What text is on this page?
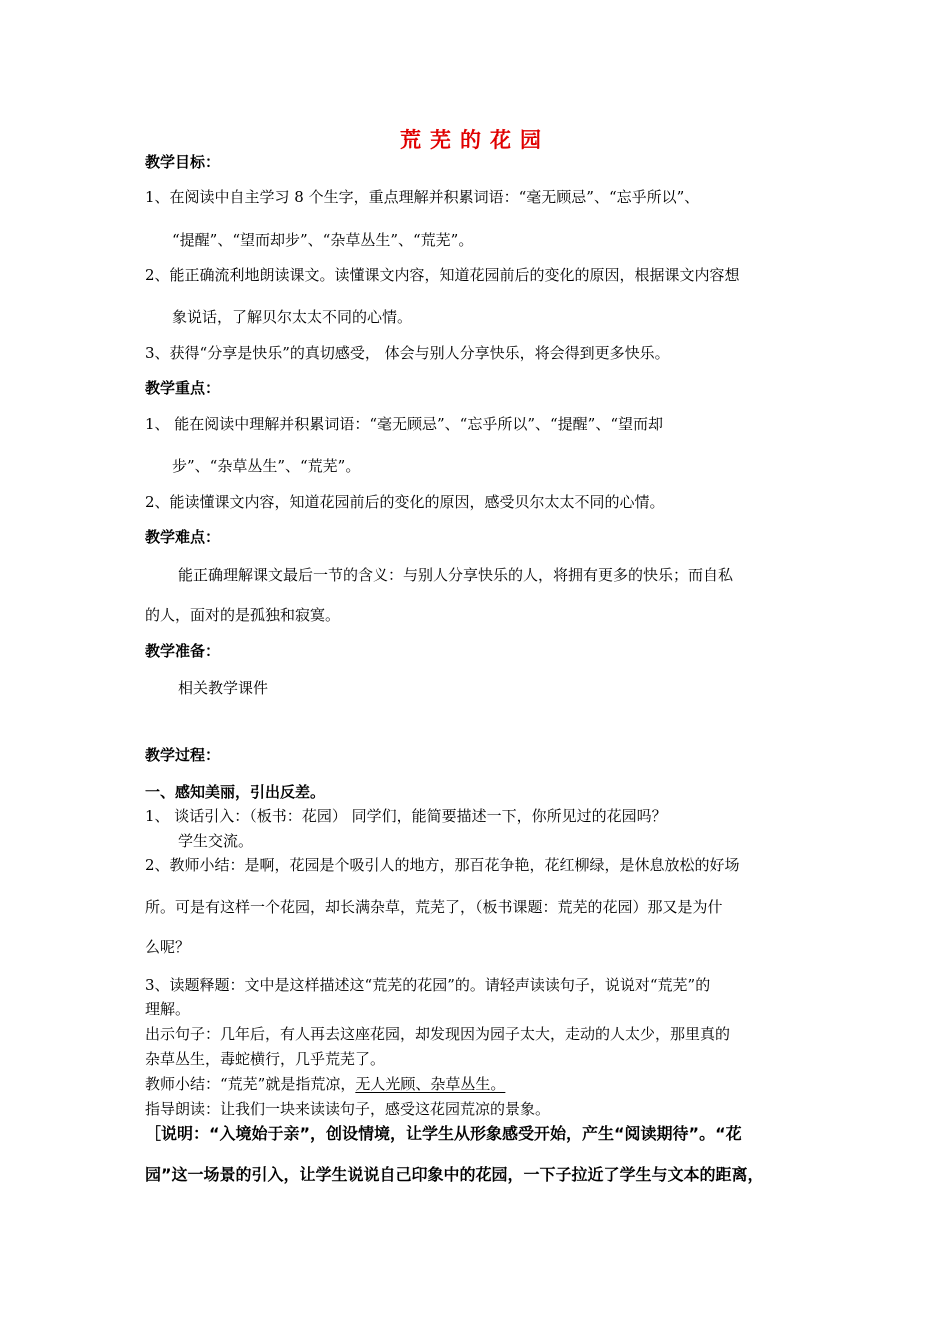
荒芜的花园
教学目标：
1、在阅读中自主学习 8 个生字，重点理解并积累词语：“毫无顾忌”、“忘乎所以”、
“提醒”、“望而却步”、“杂草丛生”、“荒芜”。
2、能正确流利地朗读课文。读懂课文内容，知道花园前后的变化的原因，根据课文内容想
象说话，了解贝尔太太不同的心情。
3、获得“分享是快乐”的真切感受， 体会与别人分享快乐，将会得到更多快乐。
教学重点：
1、 能在阅读中理解并积累词语：“毫无顾忌”、“忘乎所以”、“提醒”、“望而却
步”、“杂草丛生”、“荒芜”。
2、能读懂课文内容，知道花园前后的变化的原因，感受贝尔太太不同的心情。
教学难点：
能正确理解课文最后一节的含义：与别人分享快乐的人，将拥有更多的快乐；而自私
的人，面对的是孤独和寂寞。
教学准备：
相关教学课件
教学过程：
一、感知美丽，引出反差。
1、 谈话引入：（板书：花园） 同学们，能简要描述一下，你所见过的花园吗？
学生交流。
2、教师小结：是啊，花园是个吸引人的地方，那百花争艳，花红柳绿，是休息放松的好场
所。可是有这样一个花园，却长满杂草，荒芜了，（板书课题：荒芜的花园）那又是为什
么呢？
3、读题释题：文中是这样描述这“荒芜的花园”的。请轻声读读句子，说说对“荒芜”的
理解。
出示句子：几年后，有人再去这座花园，却发现因为园子太大，走动的人太少，那里真的
杂草丛生，毒蛇横行，几乎荒芜了。
教师小结：“荒芜”就是指荒凉，无人光顾、杂草丛生。
指导朗读：让我们一块来读读句子，感受这花园荒凉的景象。
［说明：“入境始于亲”，创设情境，让学生从形象感受开始，产生“阅读期待”。“花
园”这一场景的引入，让学生说说自己印象中的花园，一下子拉近了学生与文本的距离，
